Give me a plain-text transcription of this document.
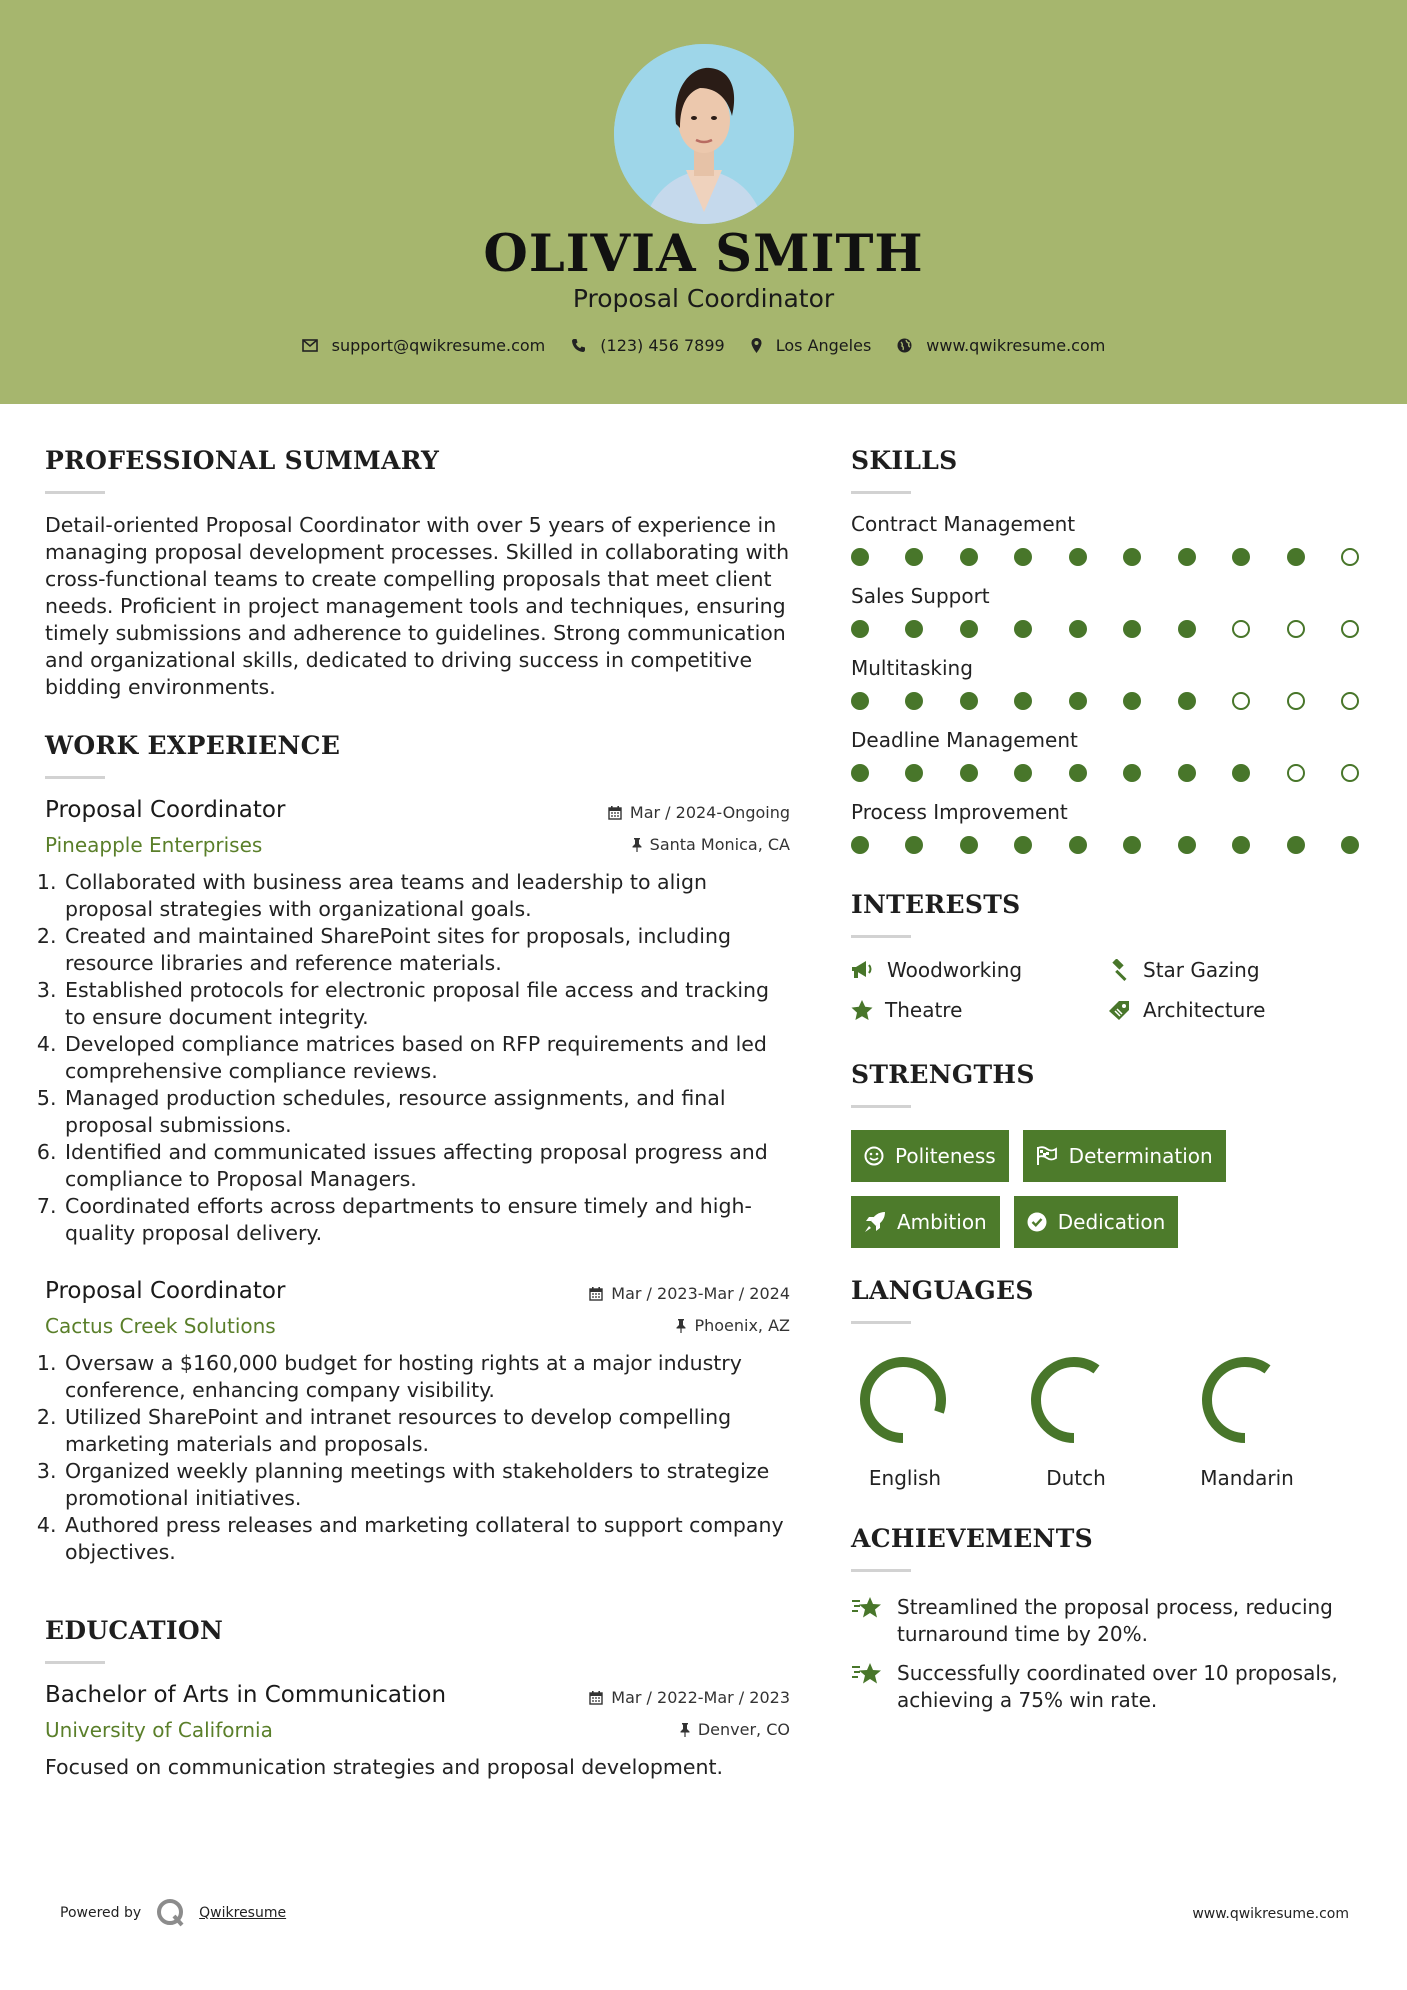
OLIVIA SMITH
Proposal Coordinator
support@qwikresume.com	(123) 456 7899	Los Angeles	www.qwikresume.com
PROFESSIONAL SUMMARY
Detail-oriented Proposal Coordinator with over 5 years of experience in managing proposal development processes. Skilled in collaborating with cross-functional teams to create compelling proposals that meet client needs. Proficient in project management tools and techniques, ensuring timely submissions and adherence to guidelines. Strong communication and organizational skills, dedicated to driving success in competitive bidding environments.
WORK EXPERIENCE
Proposal Coordinator	Mar / 2024-Ongoing
Pineapple Enterprises	Santa Monica, CA
1. Collaborated with business area teams and leadership to align proposal strategies with organizational goals.
2. Created and maintained SharePoint sites for proposals, including resource libraries and reference materials.
3. Established protocols for electronic proposal file access and tracking to ensure document integrity.
4. Developed compliance matrices based on RFP requirements and led comprehensive compliance reviews.
5. Managed production schedules, resource assignments, and final proposal submissions.
6. Identified and communicated issues affecting proposal progress and compliance to Proposal Managers.
7. Coordinated efforts across departments to ensure timely and high-quality proposal delivery.
Proposal Coordinator	Mar / 2023-Mar / 2024
Cactus Creek Solutions	Phoenix, AZ
1. Oversaw a $160,000 budget for hosting rights at a major industry conference, enhancing company visibility.
2. Utilized SharePoint and intranet resources to develop compelling marketing materials and proposals.
3. Organized weekly planning meetings with stakeholders to strategize promotional initiatives.
4. Authored press releases and marketing collateral to support company objectives.
EDUCATION
Bachelor of Arts in Communication	Mar / 2022-Mar / 2023
University of California	Denver, CO
Focused on communication strategies and proposal development.
SKILLS
Contract Management
Sales Support
Multitasking
Deadline Management
Process Improvement
INTERESTS
Woodworking	Star Gazing
Theatre	Architecture
STRENGTHS
Politeness	Determination
Ambition	Dedication
LANGUAGES
English	Dutch	Mandarin
ACHIEVEMENTS
Streamlined the proposal process, reducing turnaround time by 20%.
Successfully coordinated over 10 proposals, achieving a 75% win rate.
Powered by	Qwikresume	www.qwikresume.com
